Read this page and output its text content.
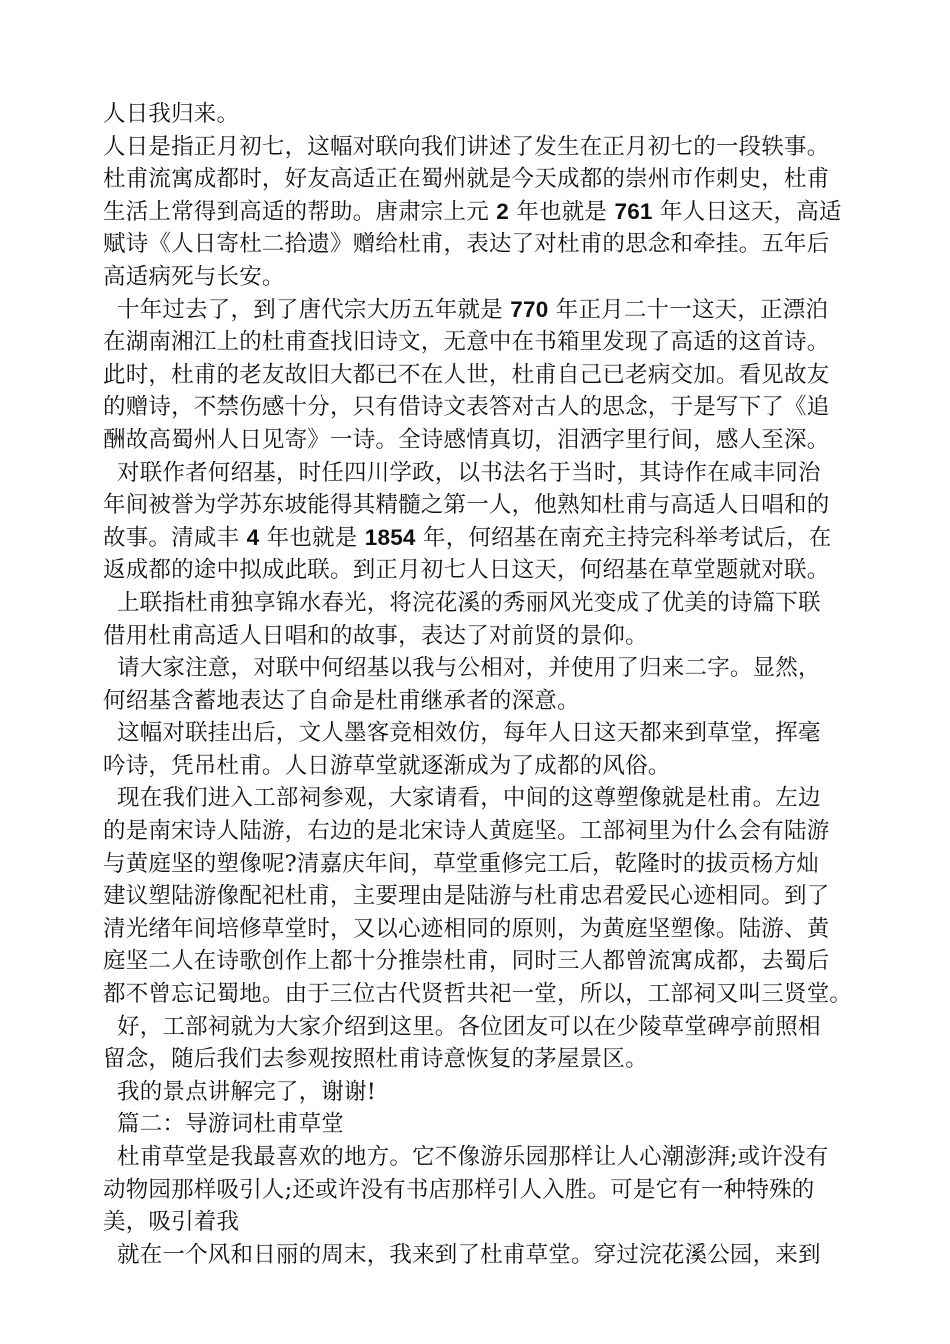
人日我归来。
人日是指正月初七，这幅对联向我们讲述了发生在正月初七的一段轶事。
杜甫流寓成都时，好友高适正在蜀州就是今天成都的崇州市作刺史，杜甫
生活上常得到高适的帮助。唐肃宗上元 2 年也就是 761 年人日这天，高适
赋诗《人日寄杜二拾遗》赠给杜甫，表达了对杜甫的思念和牵挂。五年后
高适病死与长安。
十年过去了，到了唐代宗大历五年就是 770 年正月二十一这天，正漂泊
在湖南湘江上的杜甫查找旧诗文，无意中在书箱里发现了高适的这首诗。
此时，杜甫的老友故旧大都已不在人世，杜甫自己已老病交加。看见故友
的赠诗，不禁伤感十分，只有借诗文表答对古人的思念，于是写下了《追
酬故高蜀州人日见寄》一诗。全诗感情真切，泪洒字里行间，感人至深。
对联作者何绍基，时任四川学政，以书法名于当时，其诗作在咸丰同治
年间被誉为学苏东坡能得其精髓之第一人，他熟知杜甫与高适人日唱和的
故事。清咸丰 4 年也就是 1854 年，何绍基在南充主持完科举考试后，在
返成都的途中拟成此联。到正月初七人日这天，何绍基在草堂题就对联。
上联指杜甫独享锦水春光，将浣花溪的秀丽风光变成了优美的诗篇下联
借用杜甫高适人日唱和的故事，表达了对前贤的景仰。
请大家注意，对联中何绍基以我与公相对，并使用了归来二字。显然，
何绍基含蓄地表达了自命是杜甫继承者的深意。
这幅对联挂出后，文人墨客竞相效仿，每年人日这天都来到草堂，挥毫
吟诗，凭吊杜甫。人日游草堂就逐渐成为了成都的风俗。
现在我们进入工部祠参观，大家请看，中间的这尊塑像就是杜甫。左边
的是南宋诗人陆游，右边的是北宋诗人黄庭坚。工部祠里为什么会有陆游
与黄庭坚的塑像呢?清嘉庆年间，草堂重修完工后，乾隆时的拔贡杨方灿
建议塑陆游像配祀杜甫，主要理由是陆游与杜甫忠君爱民心迹相同。到了
清光绪年间培修草堂时，又以心迹相同的原则，为黄庭坚塑像。陆游、黄
庭坚二人在诗歌创作上都十分推崇杜甫，同时三人都曾流寓成都，去蜀后
都不曾忘记蜀地。由于三位古代贤哲共祀一堂，所以，工部祠又叫三贤堂。
好，工部祠就为大家介绍到这里。各位团友可以在少陵草堂碑亭前照相
留念，随后我们去参观按照杜甫诗意恢复的茅屋景区。
我的景点讲解完了，谢谢!
篇二：导游词杜甫草堂
杜甫草堂是我最喜欢的地方。它不像游乐园那样让人心潮澎湃;或许没有
动物园那样吸引人;还或许没有书店那样引人入胜。可是它有一种特殊的
美，吸引着我
就在一个风和日丽的周末，我来到了杜甫草堂。穿过浣花溪公园，来到
